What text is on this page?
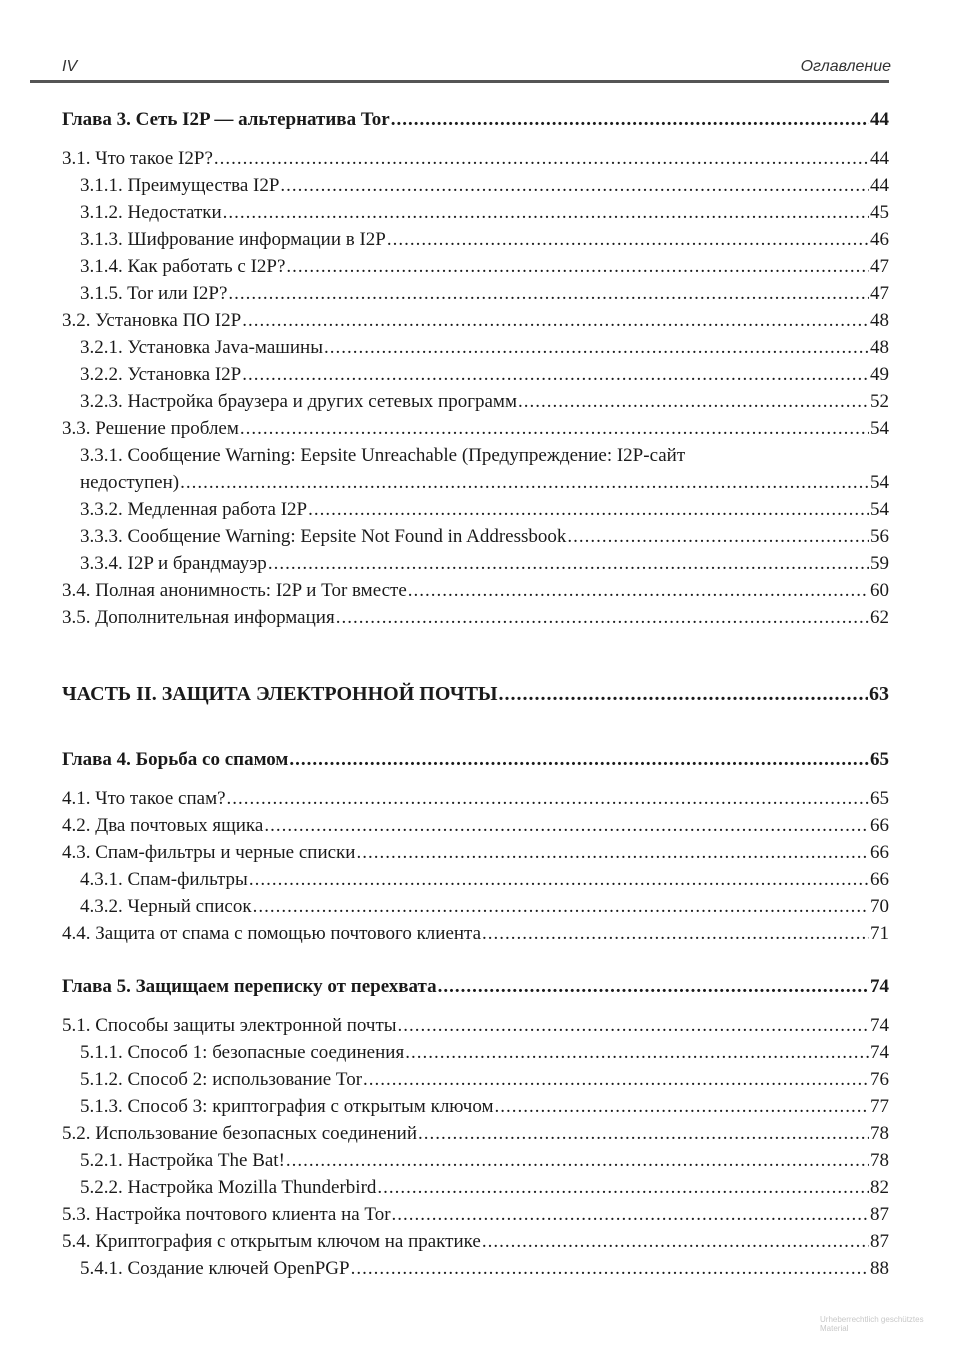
IV	Оглавление
Глава 3. Сеть I2P — альтернатива Tor .....	44
3.1. Что такое I2P? .....	44
3.1.1. Преимущества I2P .....	44
3.1.2. Недостатки .....	45
3.1.3. Шифрование информации в I2P .....	46
3.1.4. Как работать с I2P? .....	47
3.1.5. Tor или I2P? .....	47
3.2. Установка ПО I2P .....	48
3.2.1. Установка Java-машины .....	48
3.2.2. Установка I2P .....	49
3.2.3. Настройка браузера и других сетевых программ .....	52
3.3. Решение проблем .....	54
3.3.1. Сообщение Warning: Eepsite Unreachable (Предупреждение: I2P-сайт
недоступен) .....	54
3.3.2. Медленная работа I2P .....	54
3.3.3. Сообщение Warning: Eepsite Not Found in Addressbook .....	56
3.3.4. I2P и брандмауэр .....	59
3.4. Полная анонимность: I2P и Tor вместе .....	60
3.5. Дополнительная информация .....	62
ЧАСТЬ II. ЗАЩИТА ЭЛЕКТРОННОЙ ПОЧТЫ .....	63
Глава 4. Борьба со спамом .....	65
4.1. Что такое спам? .....	65
4.2. Два почтовых ящика .....	66
4.3. Спам-фильтры и черные списки .....	66
4.3.1. Спам-фильтры .....	66
4.3.2. Черный список .....	70
4.4. Защита от спама с помощью почтового клиента .....	71
Глава 5. Защищаем переписку от перехвата .....	74
5.1. Способы защиты электронной почты .....	74
5.1.1. Способ 1: безопасные соединения .....	74
5.1.2. Способ 2: использование Tor .....	76
5.1.3. Способ 3: криптография с открытым ключом .....	77
5.2. Использование безопасных соединений .....	78
5.2.1. Настройка The Bat! .....	78
5.2.2. Настройка Mozilla Thunderbird .....	82
5.3. Настройка почтового клиента на Tor .....	87
5.4. Криптография с открытым ключом на практике .....	87
5.4.1. Создание ключей OpenPGP .....	88
Urheberrechtlich geschütztes Material
